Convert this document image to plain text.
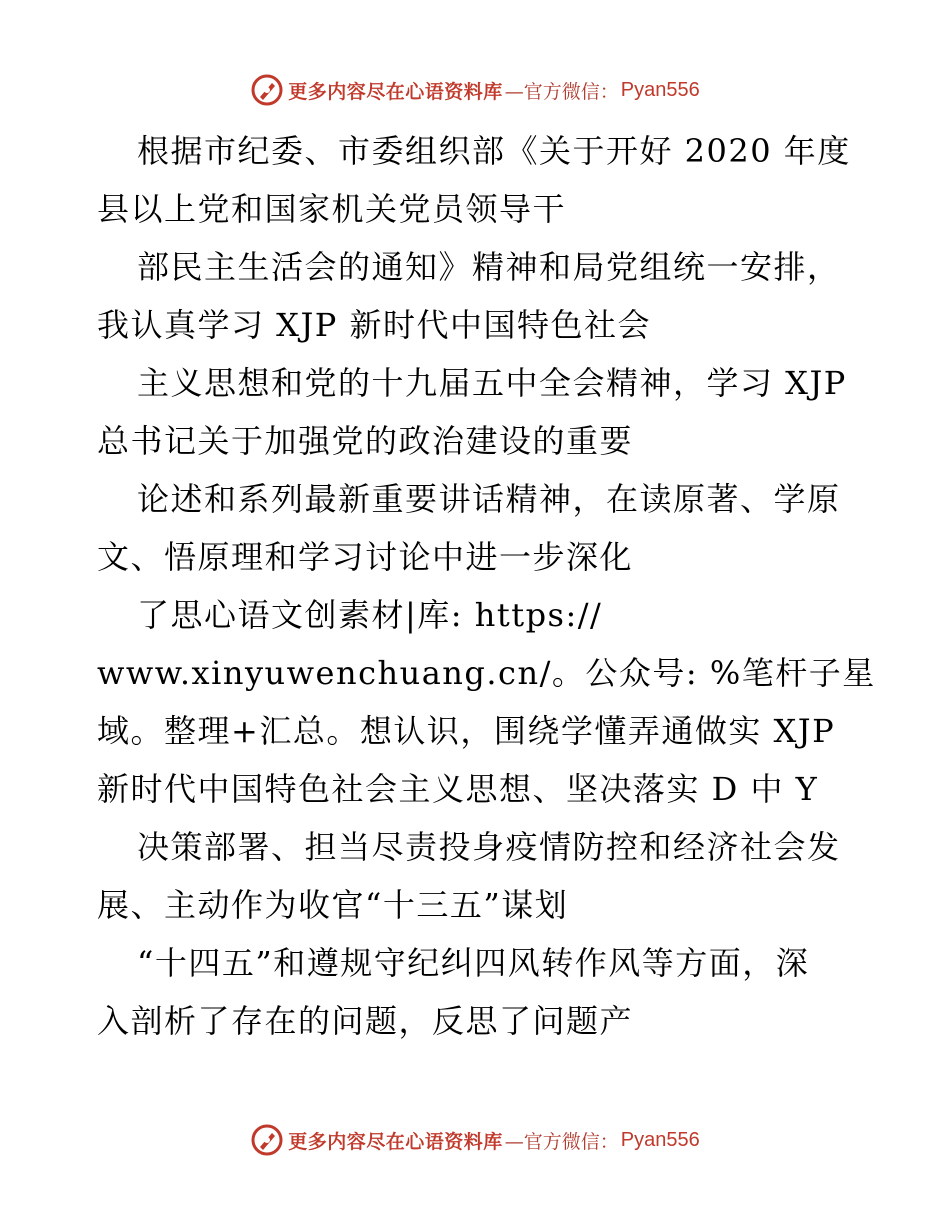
更多内容尽在心语资料库 —官方微信： Pyan556
根据市纪委、市委组织部《关于开好 2020 年度
县以上党和国家机关党员领导干
部民主生活会的通知》精神和局党组统一安排，
我认真学习 XJP 新时代中国特色社会
主义思想和党的十九届五中全会精神，学习 XJP
总书记关于加强党的政治建设的重要
论述和系列最新重要讲话精神，在读原著、学原
文、悟原理和学习讨论中进一步深化
了思心语文创素材|库: https://
www.xinyuwenchuang.cn/。公众号: %笔杆子星
域。整理+汇总。想认识，围绕学懂弄通做实 XJP
新时代中国特色社会主义思想、坚决落实 D 中 Y
决策部署、担当尽责投身疫情防控和经济社会发
展、主动作为收官“十三五”谋划
“十四五”和遵规守纪纠四风转作风等方面，深
入剖析了存在的问题，反思了问题产
更多内容尽在心语资料库 —官方微信： Pyan556
